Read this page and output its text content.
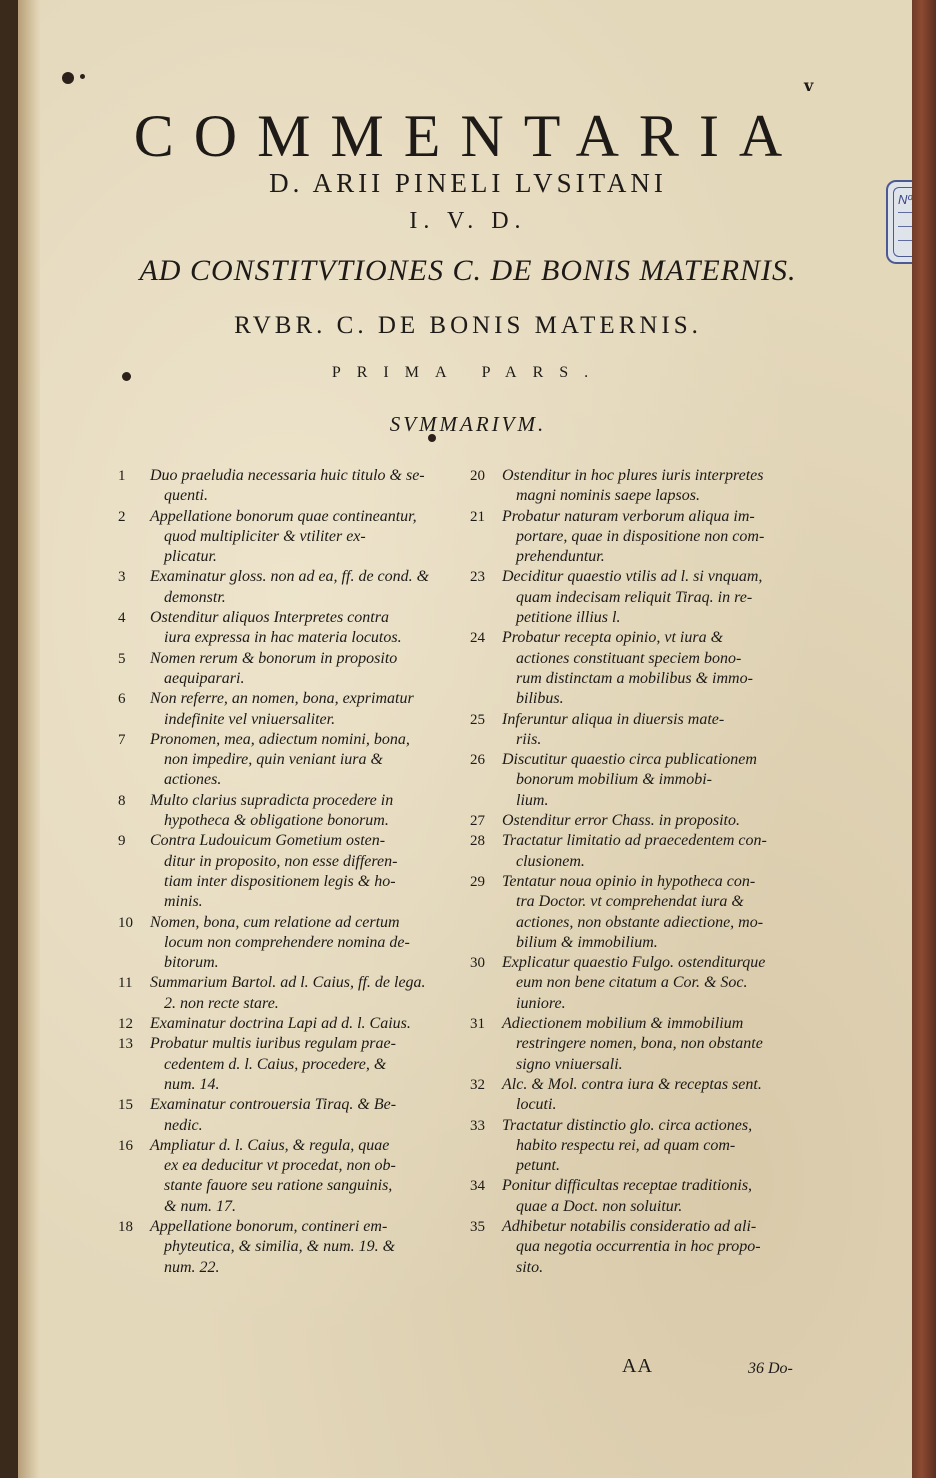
v
COMMENTARIA
D. ARII PINELI LVSITANI
I. V. D.
AD CONSTITVTIONES C. DE BONIS MATERNIS.
RVBR. C. DE BONIS MATERNIS.
PRIMA PARS.
SVMMARIVM.
1 Duo praeludia necessaria huic titulo & se-
quenti.
2 Appellatione bonorum quae contineantur,
quod multipliciter & vtiliter ex-
plicatur.
3 Examinatur gloss. non ad ea, ff. de cond. &
demonstr.
4 Ostenditur aliquos Interpretes contra
iura expressa in hac materia locutos.
5 Nomen rerum & bonorum in proposito
aequiparari.
6 Non referre, an nomen, bona, exprimatur
indefinite vel vniuersaliter.
7 Pronomen, mea, adiectum nomini, bona,
non impedire, quin veniant iura &
actiones.
8 Multo clarius supradicta procedere in
hypotheca & obligatione bonorum.
9 Contra Ludouicum Gometium osten-
ditur in proposito, non esse differen-
tiam inter dispositionem legis & ho-
minis.
10 Nomen, bona, cum relatione ad certum
locum non comprehendere nomina de-
bitorum.
11 Summarium Bartol. ad l. Caius, ff. de lega.
2. non recte stare.
12 Examinatur doctrina Lapi ad d. l. Caius.
13 Probatur multis iuribus regulam prae-
cedentem d. l. Caius, procedere, &
num. 14.
15 Examinatur controuersia Tiraq. & Be-
nedic.
16 Ampliatur d. l. Caius, & regula, quae
ex ea deducitur vt procedat, non ob-
stante fauore seu ratione sanguinis,
& num. 17.
18 Appellatione bonorum, contineri em-
phyteutica, & similia, & num. 19. &
num. 22.
20 Ostenditur in hoc plures iuris interpretes
magni nominis saepe lapsos.
21 Probatur naturam verborum aliqua im-
portare, quae in dispositione non com-
prehenduntur.
23 Deciditur quaestio vtilis ad l. si vnquam,
quam indecisam reliquit Tiraq. in re-
petitione illius l.
24 Probatur recepta opinio, vt iura &
actiones constituant speciem bono-
rum distinctam a mobilibus & immo-
bilibus.
25 Inferuntur aliqua in diuersis mate-
riis.
26 Discutitur quaestio circa publicationem
bonorum mobilium & immobi-
lium.
27 Ostenditur error Chass. in proposito.
28 Tractatur limitatio ad praecedentem con-
clusionem.
29 Tentatur noua opinio in hypotheca con-
tra Doctor. vt comprehendat iura &
actiones, non obstante adiectione, mo-
bilium & immobilium.
30 Explicatur quaestio Fulgo. ostenditurque
eum non bene citatum a Cor. & Soc.
iuniore.
31 Adiectionem mobilium & immobilium
restringere nomen, bona, non obstante
signo vniuersali.
32 Alc. & Mol. contra iura & receptas sent.
locuti.
33 Tractatur distinctio glo. circa actiones,
habito respectu rei, ad quam com-
petunt.
34 Ponitur difficultas receptae traditionis,
quae a Doct. non soluitur.
35 Adhibetur notabilis consideratio ad ali-
qua negotia occurrentia in hoc propo-
sito.
AA	36 Do-
Nº
